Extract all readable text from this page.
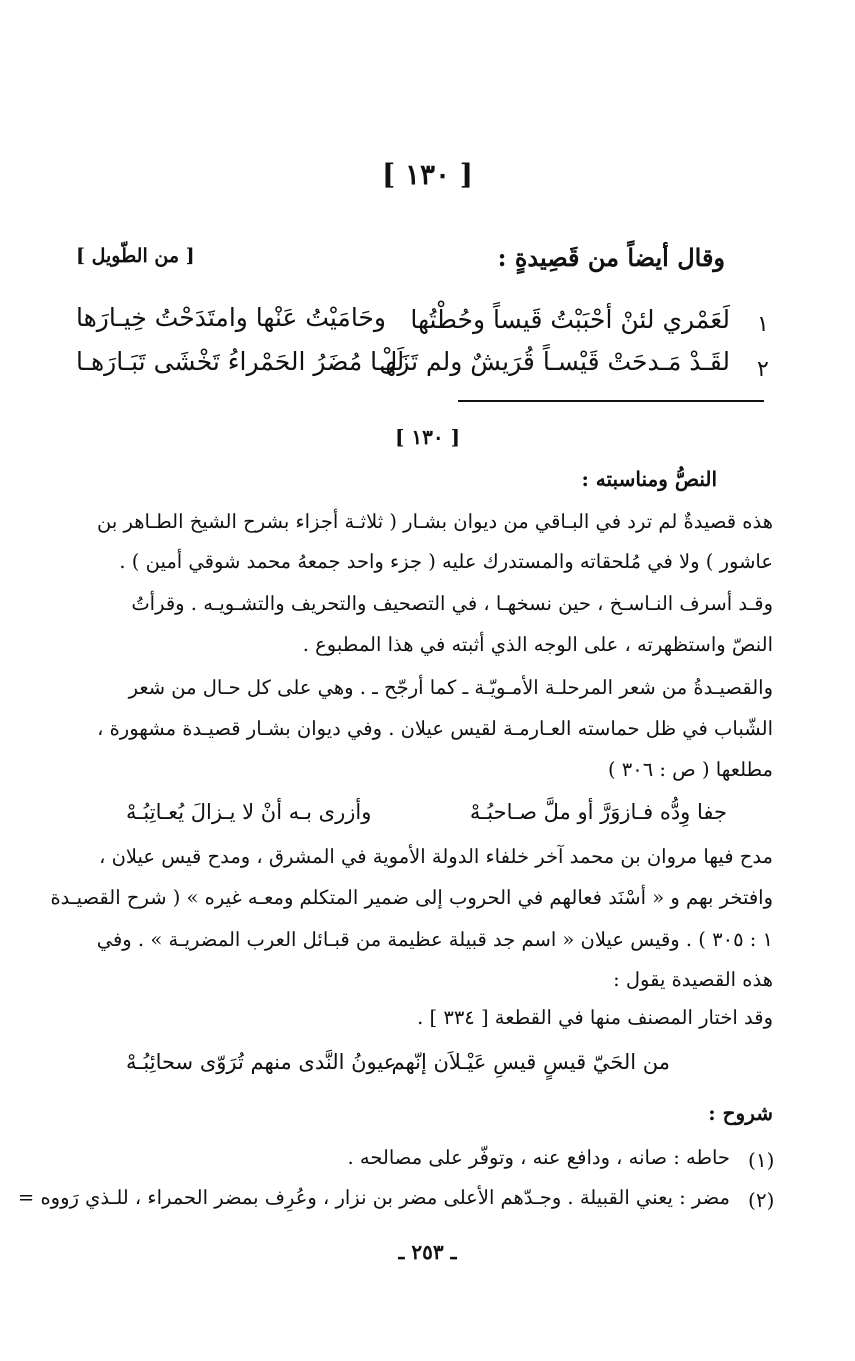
[ ١٣٠ ]
وقال أيضاً من قَصِيدةٍ :
[ من الطّويل ]
١
لَعَمْري لئنْ أحْبَبْتُ قَيساً وحُطْتُها
وحَامَيْتُ عَنْها وامتَدَحْتُ خِيـارَها
٢
لقَـدْ مَـدحَتْ قَيْسـاً قُرَيشٌ ولم تَزَلْ
لَهـا مُضَرُ الحَمْراءُ تَخْشَى تَبَـارَهـا
[ ١٣٠ ]
النصُّ ومناسبته :
هذه قصيدةٌ لم ترد في البـاقي من ديوان بشـار ( ثلاثـة أجزاء بشرح الشيخ الطـاهر بن
عاشور ) ولا في مُلحقاته والمستدرك عليه ( جزء واحد جمعهُ محمد شوقي أمين ) .
وقـد أسرف النـاسـخ ، حين نسخهـا ، في التصحيف والتحريف والتشـويـه . وقرأتُ
النصّ واستظهرته ، على الوجه الذي أثبته في هذا المطبوع .
والقصيـدةُ من شعر المرحلـة الأمـويّـة ـ كما أرجّح ـ . وهي على كل حـال من شعر
الشّباب في ظل حماسته العـارمـة لقيس عيلان . وفي ديوان بشـار قصيـدة مشهورة ،
مطلعها ( ص : ٣٠٦ )
جفا وِدُّه فـازوَرَّ أو ملَّ صـاحبُـهْ
وأزرى بـه أنْ لا يـزالَ يُعـاتِبُـهْ
مدح فيها مروان بن محمد آخر خلفاء الدولة الأموية في المشرق ، ومدح قيس عيلان ،
وافتخر بهم و « أسْنَد فعالهم في الحروب إلى ضمير المتكلم ومعـه غيره » ( شرح القصيـدة
١ : ٣٠٥ ) . وقيس عيلان « اسم جد قبيلة عظيمة من قبـائل العرب المضريـة » . وفي
هذه القصيدة يقول :
وقد اختار المصنف منها في القطعة [ ٣٣٤ ] .
من الحَيّ قيسٍ قيسِ عَيْـلاَن إنّهم
عيونُ النَّدى منهم تُرَوّى سحائِبُـهْ
شروح :
(١)
حاطه : صانه ، ودافع عنه ، وتوفّر على مصالحه .
(٢)
مضر : يعني القبيلة . وجـدّهم الأعلى مضر بن نزار ، وعُرِف بمضر الحمراء ، للـذي رَووه =
ـ ٢٥٣ ـ
